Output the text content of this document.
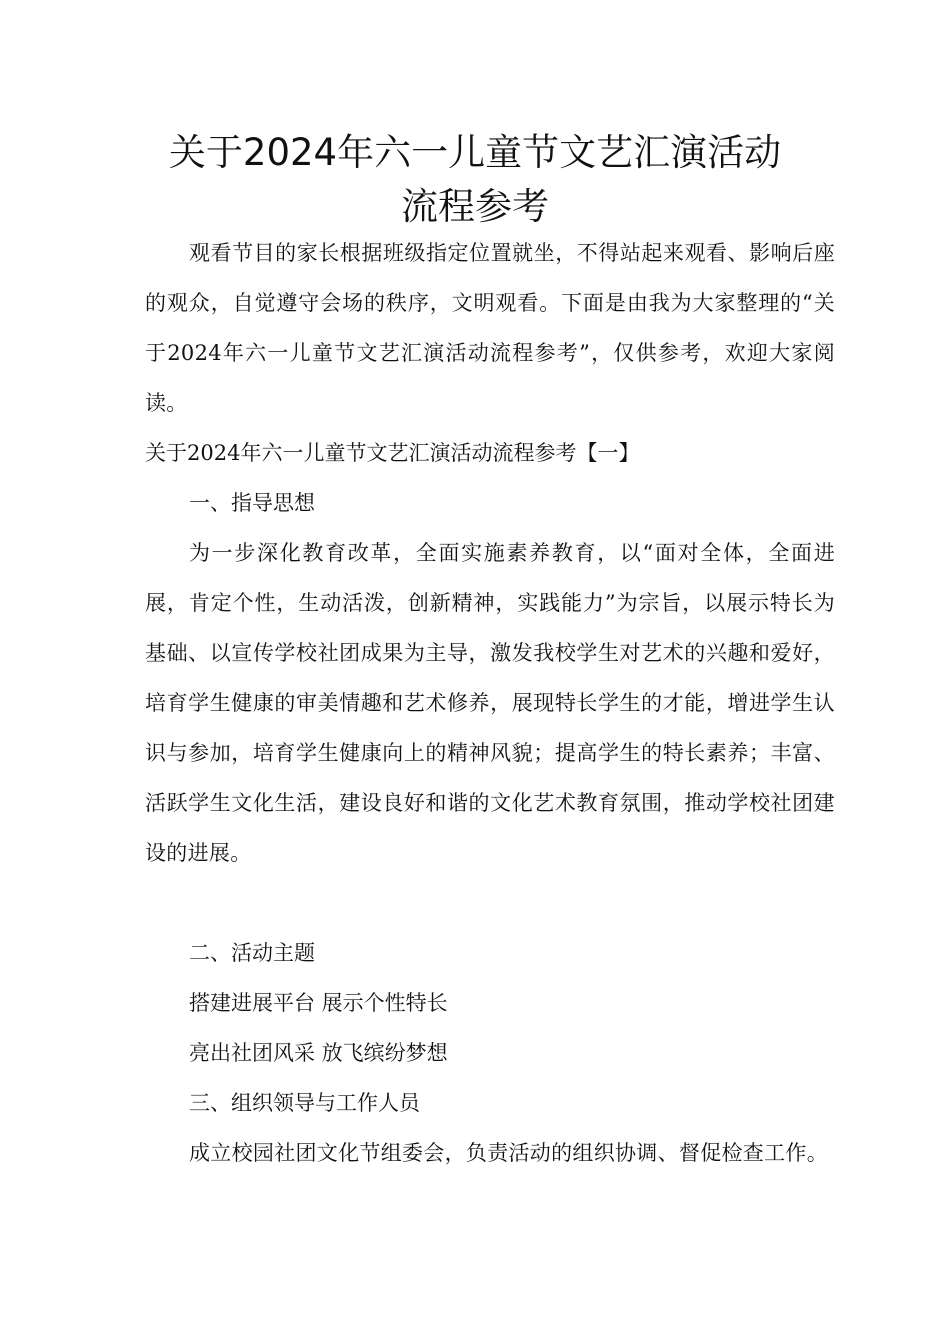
关于2024年六一儿童节文艺汇演活动
流程参考

观看节目的家长根据班级指定位置就坐，不得站起来观看、影响后座的观众，自觉遵守会场的秩序，文明观看。下面是由我为大家整理的“关于2024年六一儿童节文艺汇演活动流程参考”，仅供参考，欢迎大家阅读。

关于2024年六一儿童节文艺汇演活动流程参考【一】

一、指导思想

为一步深化教育改革，全面实施素养教育，以“面对全体，全面进展，肯定个性，生动活泼，创新精神，实践能力”为宗旨，以展示特长为基础、以宣传学校社团成果为主导，激发我校学生对艺术的兴趣和爱好，培育学生健康的审美情趣和艺术修养，展现特长学生的才能，增进学生认识与参加，培育学生健康向上的精神风貌；提高学生的特长素养；丰富、活跃学生文化生活，建设良好和谐的文化艺术教育氛围，推动学校社团建设的进展。

二、活动主题

搭建进展平台 展示个性特长

亮出社团风采 放飞缤纷梦想

三、组织领导与工作人员

成立校园社团文化节组委会，负责活动的组织协调、督促检查工作。
